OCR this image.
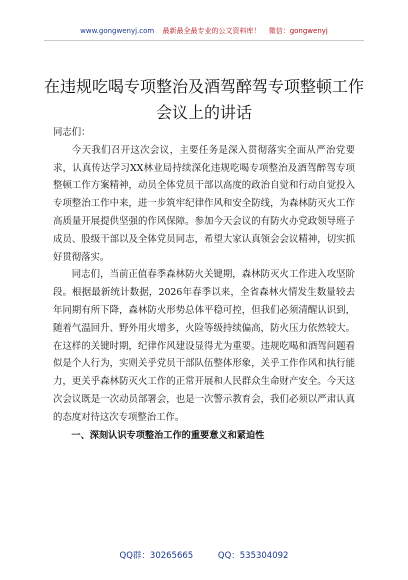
www.gongwenyj.com 最新最全最专业的公文资料库！ 微信：gongwenyj
在违规吃喝专项整治及酒驾醉驾专项整顿工作
会议上的讲话

同志们：

今天我们召开这次会议，主要任务是深入贯彻落实全面从严治党要求，认真传达学习XX林业局持续深化违规吃喝专项整治及酒驾醉驾专项整顿工作方案精神，动员全体党员干部以高度的政治自觉和行动自觉投入专项整治工作中来，进一步筑牢纪律作风和安全防线，为森林防灭火工作高质量开展提供坚强的作风保障。参加今天会议的有防火办党政领导班子成员、股级干部以及全体党员同志，希望大家认真领会会议精神，切实抓好贯彻落实。

同志们，当前正值春季森林防火关键期，森林防灭火工作进入攻坚阶段。根据最新统计数据，2026年春季以来，全省森林火情发生数量较去年同期有所下降，森林防火形势总体平稳可控，但我们必须清醒认识到，随着气温回升、野外用火增多，火险等级持续偏高，防火压力依然较大。在这样的关键时期，纪律作风建设显得尤为重要。违规吃喝和酒驾问题看似是个人行为，实则关乎党员干部队伍整体形象，关乎工作作风和执行能力，更关乎森林防灭火工作的正常开展和人民群众生命财产安全。今天这次会议既是一次动员部署会，也是一次警示教育会，我们必须以严肃认真的态度对待这次专项整治工作。

一、深刻认识专项整治工作的重要意义和紧迫性

QQ群：30265665	QQ：535304092
